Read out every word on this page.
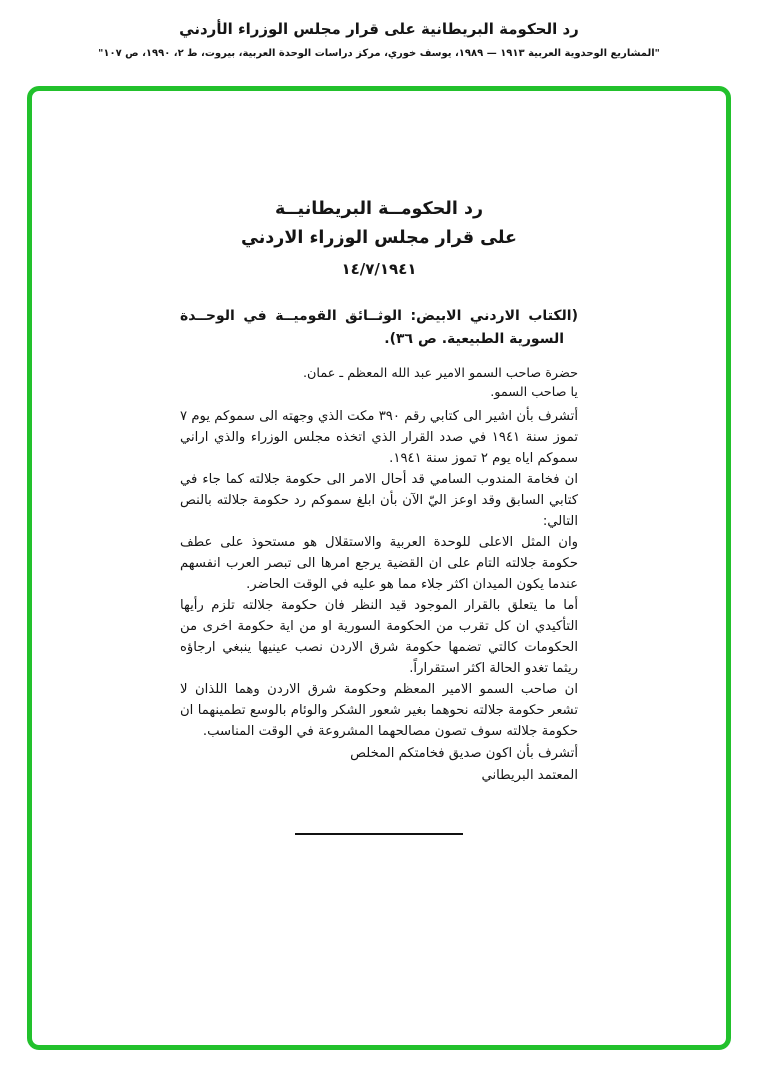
رد الحكومة البريطانية على قرار مجلس الوزراء الأردني
"المشاريع الوحدوية العربية ١٩١٣ — ١٩٨٩، يوسف خوري، مركز دراسات الوحدة العربية، بيروت، ط ٢، ١٩٩٠، ص ١٠٧"
رد الحكومــة البريطانيــة
على قرار مجلس الوزراء الاردني
١٤/٧/١٩٤١

(الكتاب الاردني الابيض: الوثــائق القوميــة في الوحــدة السورية الطبيعية. ص ٣٦).

حضرة صاحب السمو الامير عبد الله المعظم ـ عمان.
يا صاحب السمو.

أتشرف بأن اشير الى كتابي رقم ٣٩٠ مكت الذي وجهته الى سموكم يوم ٧ تموز سنة ١٩٤١ في صدد القرار الذي اتخذه مجلس الوزراء والذي اراني سموكم اياه يوم ٢ تموز سنة ١٩٤١.

ان فخامة المندوب السامي قد أحال الامر الى حكومة جلالته كما جاء في كتابي السابق وقد اوعز اليّ الآن بأن ابلغ سموكم رد حكومة جلالته بالنص التالي:

وان المثل الاعلى للوحدة العربية والاستقلال هو مستحوذ على عطف حكومة جلالته التام على ان القضية يرجع امرها الى تبصر العرب انفسهم عندما يكون الميدان اكثر جلاء مما هو عليه في الوقت الحاضر.

أما ما يتعلق بالقرار الموجود قيد النظر فان حكومة جلالته تلزم رأيها التأكيدي ان كل تقرب من الحكومة السورية او من اية حكومة اخرى من الحكومات كالتي تضمها حكومة شرق الاردن نصب عينيها ينبغي ارجاؤه ريثما تغدو الحالة اكثر استقراراً.

ان صاحب السمو الامير المعظم وحكومة شرق الاردن وهما اللذان لا تشعر حكومة جلالته نحوهما بغير شعور الشكر والوئام بالوسع تطمينهما ان حكومة جلالته سوف تصون مصالحهما المشروعة في الوقت المناسب.

أتشرف بأن اكون صديق فخامتكم المخلص
المعتمد البريطاني
